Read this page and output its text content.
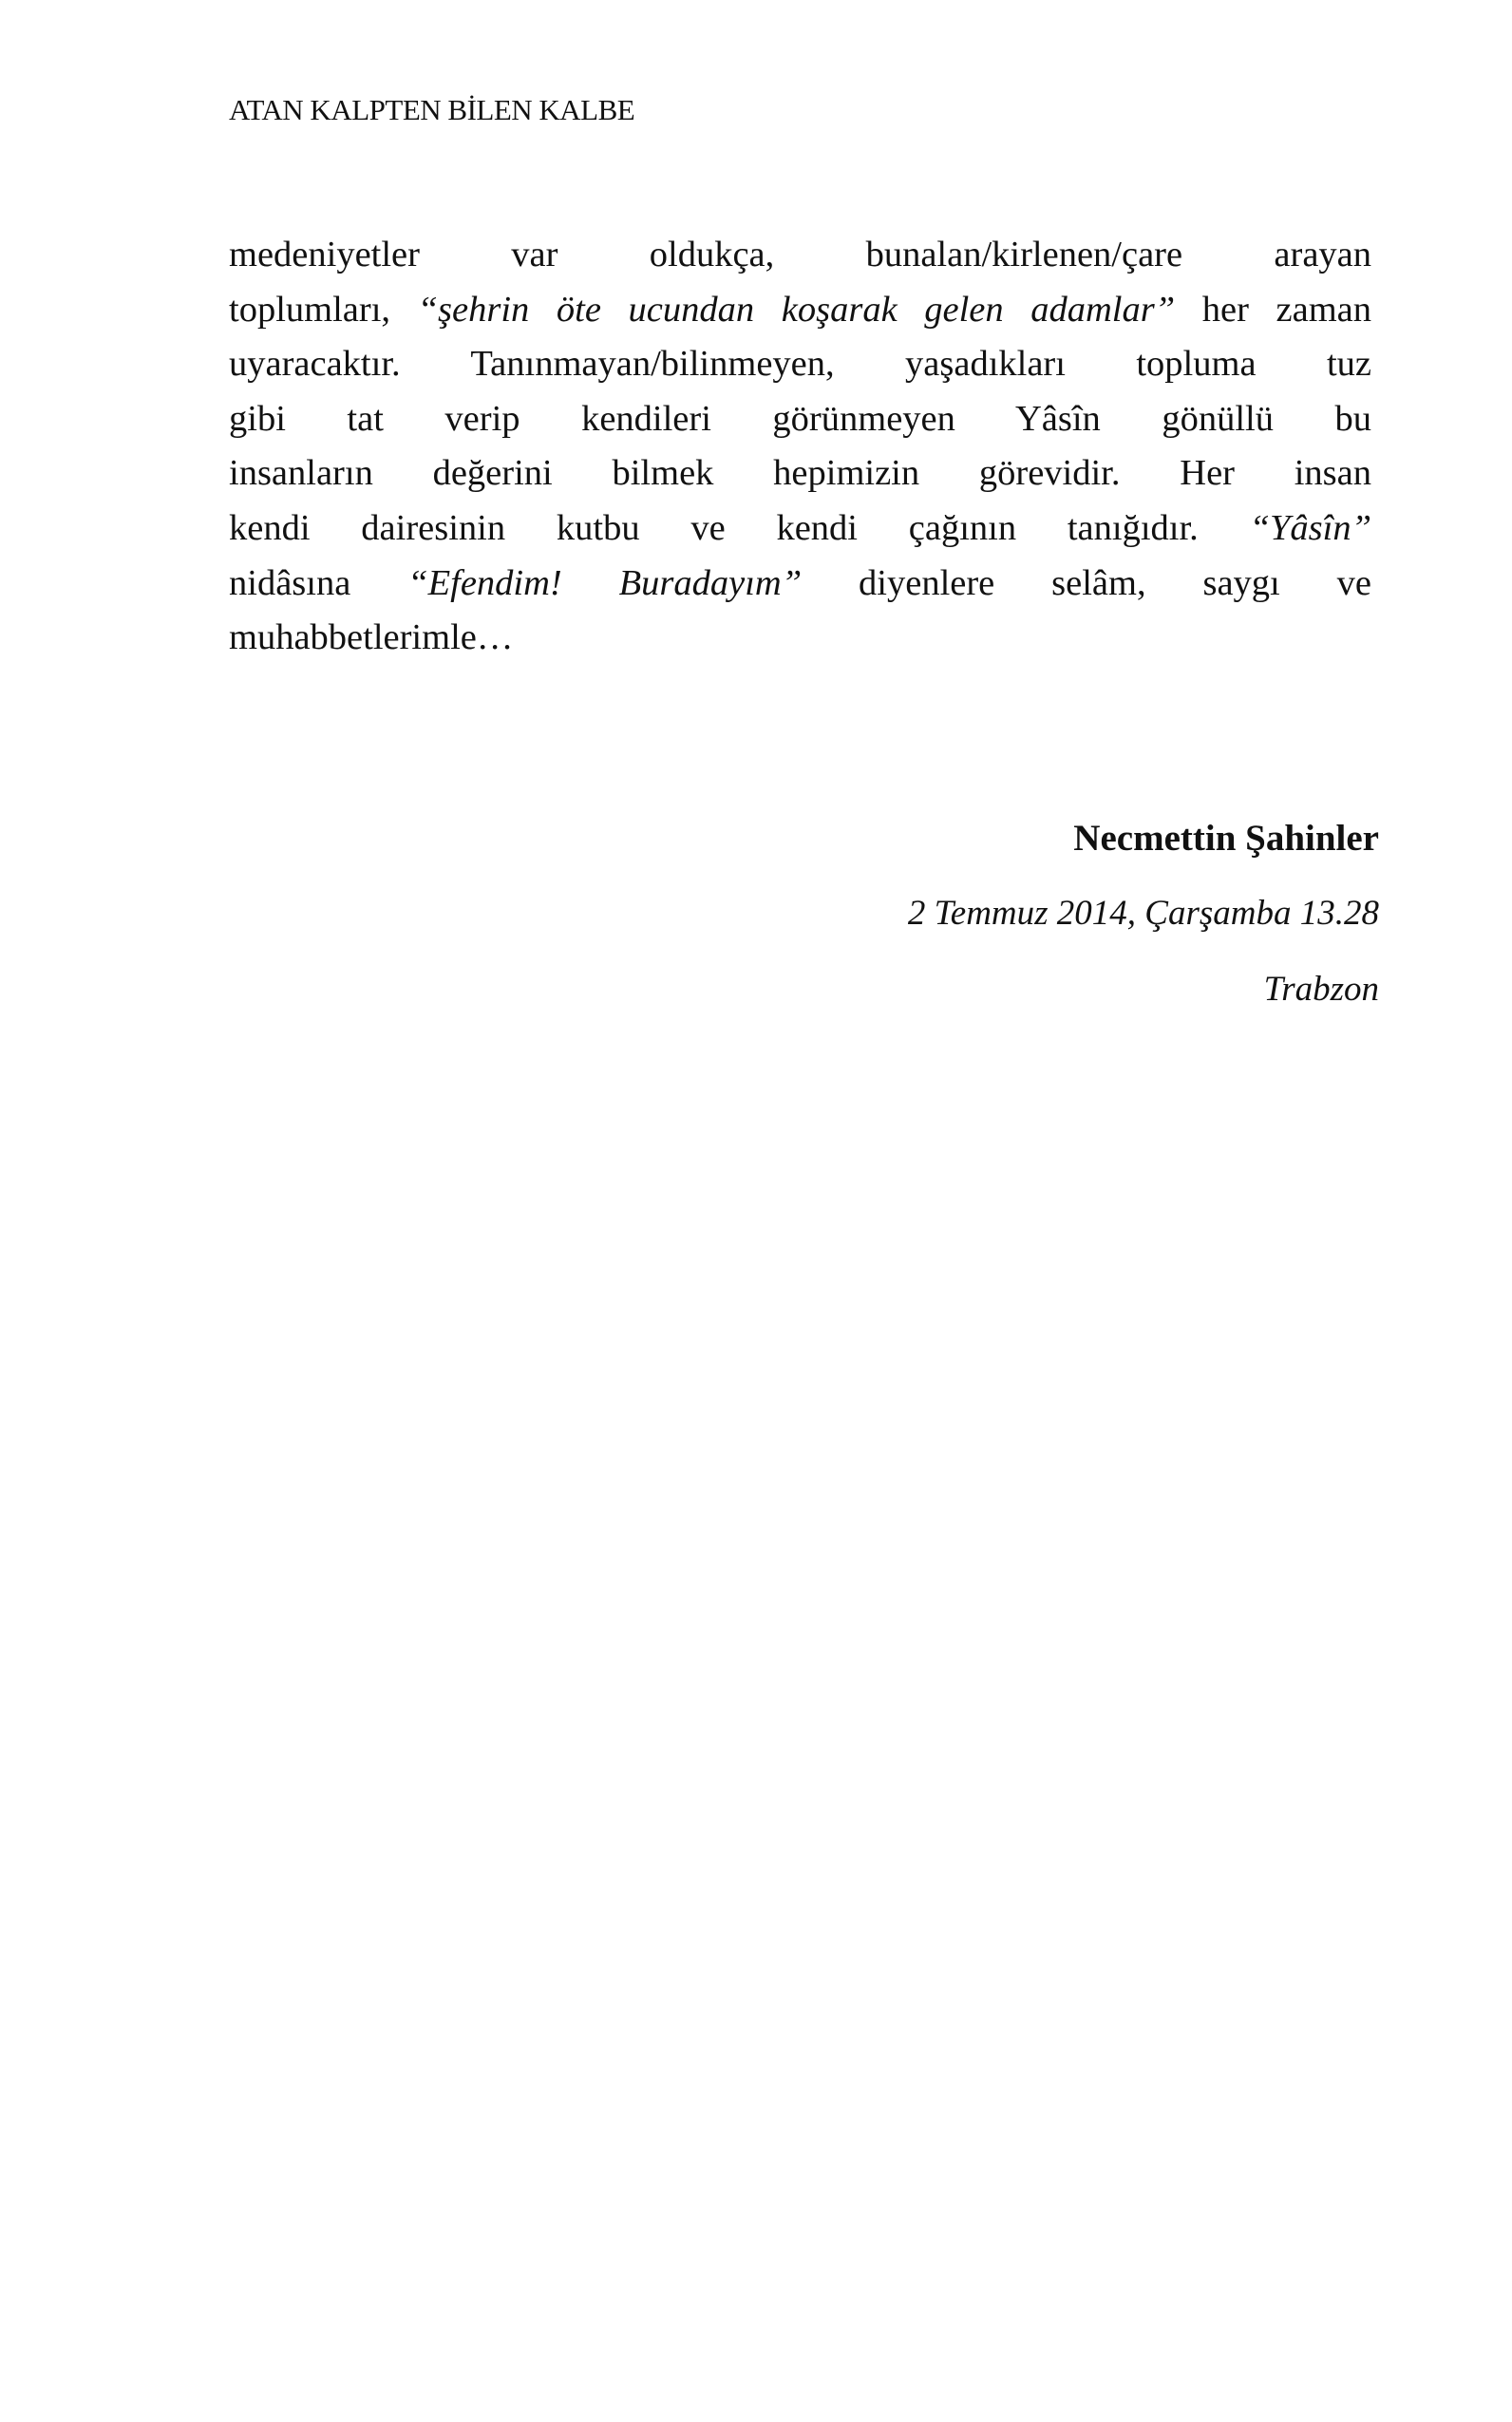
ATAN KALPTEN BİLEN KALBE
medeniyetler var oldukça, bunalan/kirlenen/çare arayan
toplumları, “şehrin öte ucundan koşarak gelen adamlar” her zaman
uyaracaktır. Tanınmayan/bilinmeyen, yaşadıkları topluma tuz
gibi tat verip kendileri görünmeyen Yâsîn gönüllü bu
insanların değerini bilmek hepimizin görevidir. Her insan
kendi dairesinin kutbu ve kendi çağının tanığıdır. “Yâsîn”
nidâsına “Efendim! Buradayım” diyenlere selâm, saygı ve
muhabbetlerimle…
Necmettin Şahinler
2 Temmuz 2014, Çarşamba 13.28
Trabzon
